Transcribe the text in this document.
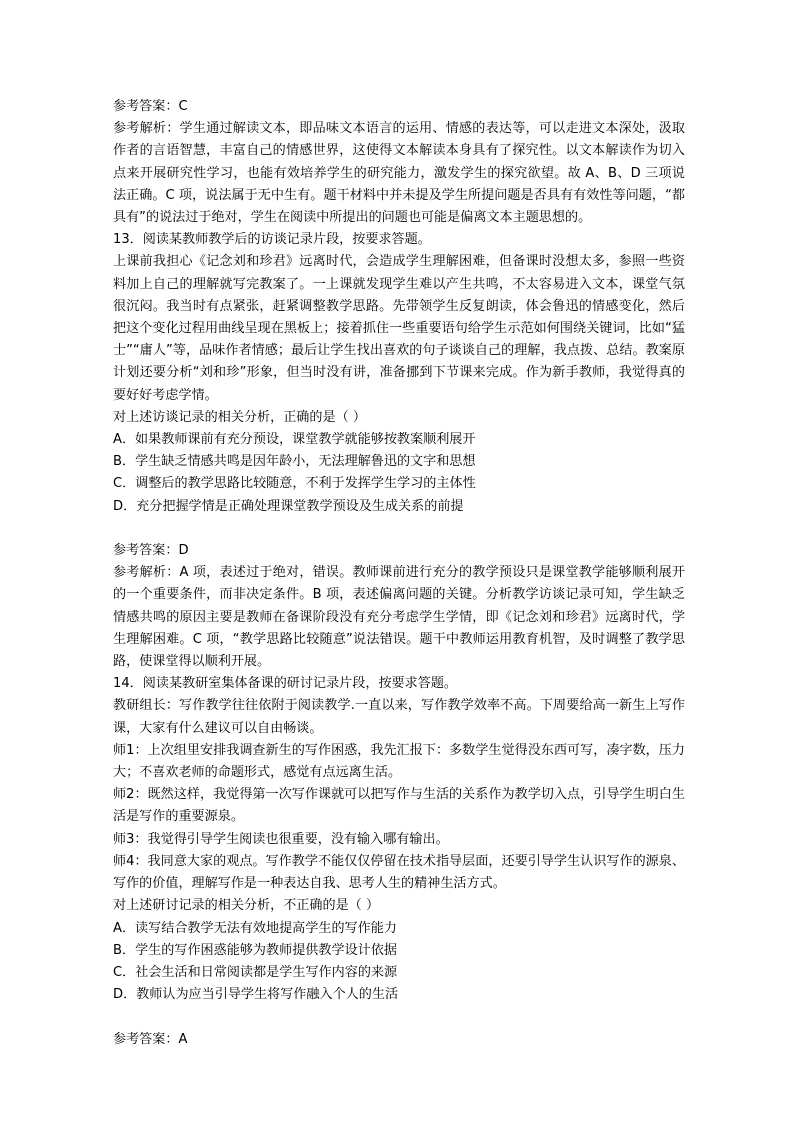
参考答案：C

参考解析：学生通过解读文本，即品味文本语言的运用、情感的表达等，可以走进文本深处，汲取作者的言语智慧，丰富自己的情感世界，这使得文本解读本身具有了探究性。以文本解读作为切入点来开展研究性学习，也能有效培养学生的研究能力，激发学生的探究欲望。故 A、B、D 三项说法正确。C 项，说法属于无中生有。题干材料中并未提及学生所提问题是否具有有效性等问题，“都具有”的说法过于绝对，学生在阅读中所提出的问题也可能是偏离文本主题思想的。

13．阅读某教师教学后的访谈记录片段，按要求答题。

上课前我担心《记念刘和珍君》远离时代，会造成学生理解困难，但备课时没想太多，参照一些资料加上自己的理解就写完教案了。一上课就发现学生难以产生共鸣，不太容易进入文本，课堂气氛很沉闷。我当时有点紧张，赶紧调整教学思路。先带领学生反复朗读，体会鲁迅的情感变化，然后把这个变化过程用曲线呈现在黑板上；接着抓住一些重要语句给学生示范如何围绕关键词，比如“猛士”“庸人”等，品味作者情感；最后让学生找出喜欢的句子谈谈自己的理解，我点拨、总结。教案原计划还要分析“刘和珍”形象，但当时没有讲，准备挪到下节课来完成。作为新手教师，我觉得真的要好好考虑学情。

对上述访谈记录的相关分析，正确的是（ ）

A．如果教师课前有充分预设，课堂教学就能够按教案顺利展开

B．学生缺乏情感共鸣是因年龄小，无法理解鲁迅的文字和思想

C．调整后的教学思路比较随意，不利于发挥学生学习的主体性

D．充分把握学情是正确处理课堂教学预设及生成关系的前提

参考答案：D

参考解析：A 项，表述过于绝对，错误。教师课前进行充分的教学预设只是课堂教学能够顺利展开的一个重要条件，而非决定条件。B 项，表述偏离问题的关键。分析教学访谈记录可知，学生缺乏情感共鸣的原因主要是教师在备课阶段没有充分考虑学生学情，即《记念刘和珍君》远离时代，学生理解困难。C 项，“教学思路比较随意”说法错误。题干中教师运用教育机智，及时调整了教学思路，使课堂得以顺利开展。

14．阅读某教研室集体备课的研讨记录片段，按要求答题。

教研组长：写作教学往往依附于阅读教学.一直以来，写作教学效率不高。下周要给高一新生上写作课，大家有什么建议可以自由畅谈。

师1：上次组里安排我调查新生的写作困惑，我先汇报下：多数学生觉得没东西可写，凑字数，压力大；不喜欢老师的命题形式，感觉有点远离生活。

师2：既然这样，我觉得第一次写作课就可以把写作与生活的关系作为教学切入点，引导学生明白生活是写作的重要源泉。

师3：我觉得引导学生阅读也很重要，没有输入哪有输出。

师4：我同意大家的观点。写作教学不能仅仅停留在技术指导层面，还要引导学生认识写作的源泉、写作的价值，理解写作是一种表达自我、思考人生的精神生活方式。

对上述研讨记录的相关分析，不正确的是（ ）

A．读写结合教学无法有效地提高学生的写作能力

B．学生的写作困惑能够为教师提供教学设计依据

C．社会生活和日常阅读都是学生写作内容的来源

D．教师认为应当引导学生将写作融入个人的生活

参考答案：A
